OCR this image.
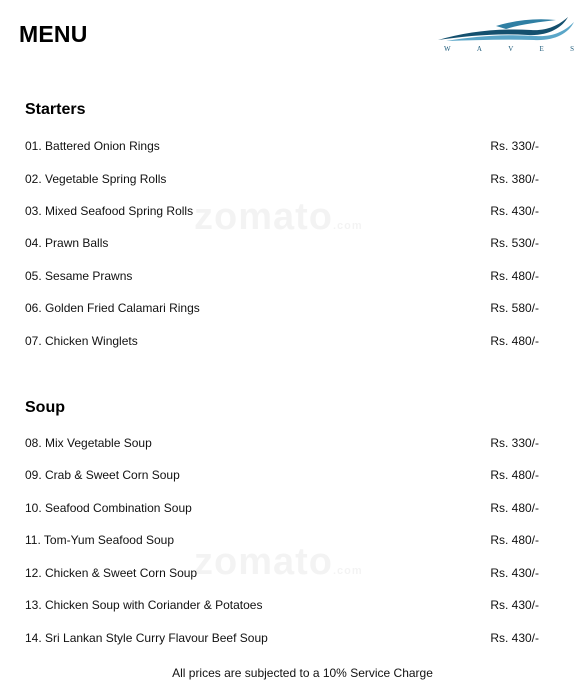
MENU
W	A	V	E	S
Starters
01. Battered Onion Rings	Rs. 330/-
02. Vegetable Spring Rolls	Rs. 380/-
03. Mixed Seafood Spring Rolls	Rs. 430/-
04. Prawn Balls	Rs. 530/-
05. Sesame Prawns	Rs. 480/-
06. Golden Fried Calamari Rings	Rs. 580/-
07. Chicken Winglets	Rs. 480/-
Soup
08. Mix Vegetable Soup	Rs. 330/-
09. Crab & Sweet Corn Soup	Rs. 480/-
10. Seafood Combination Soup	Rs. 480/-
11. Tom-Yum Seafood Soup	Rs. 480/-
12. Chicken & Sweet Corn Soup	Rs. 430/-
13. Chicken Soup with Coriander & Potatoes	Rs. 430/-
14. Sri Lankan Style Curry Flavour Beef Soup	Rs. 430/-
All prices are subjected to a 10% Service Charge
